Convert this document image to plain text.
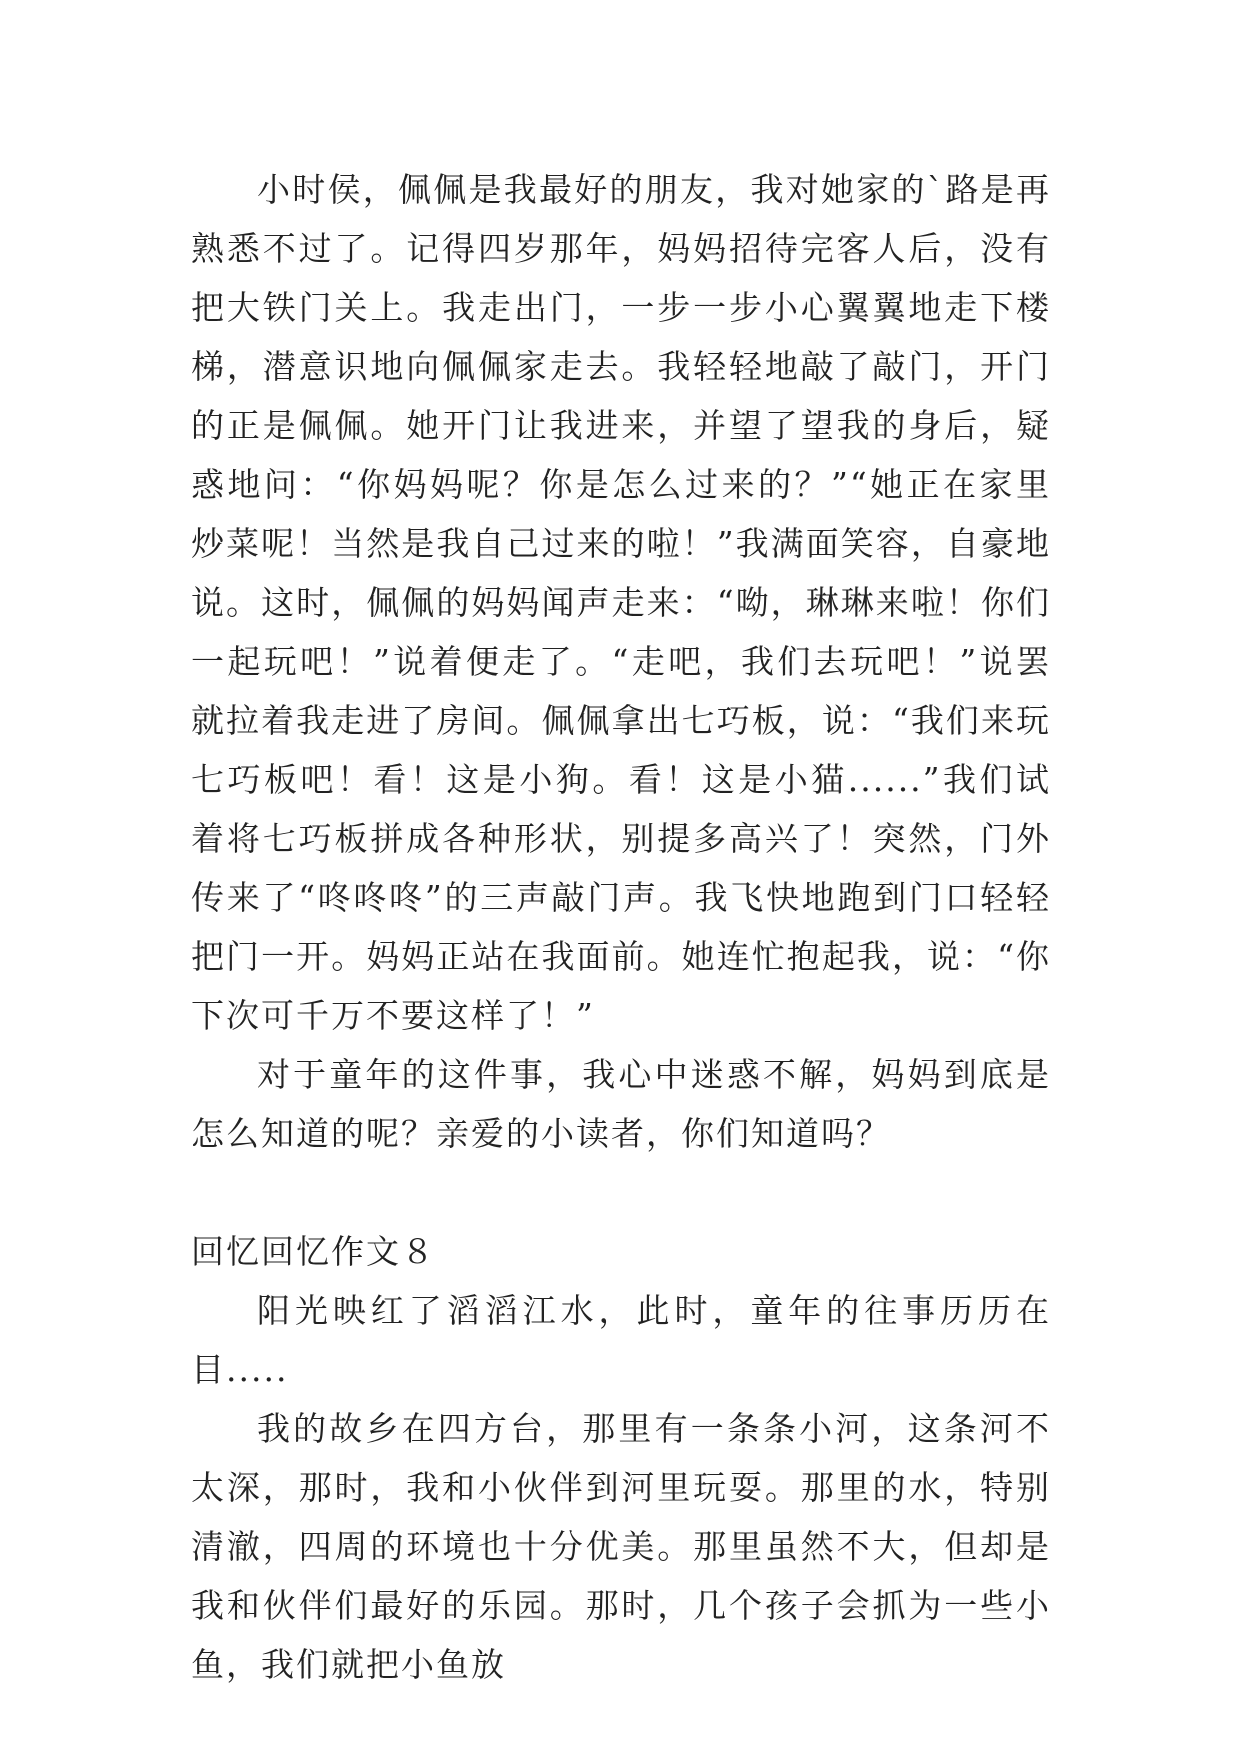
小时侯，佩佩是我最好的朋友，我对她家的`路是再熟悉不过了。记得四岁那年，妈妈招待完客人后，没有把大铁门关上。我走出门，一步一步小心翼翼地走下楼梯，潜意识地向佩佩家走去。我轻轻地敲了敲门，开门的正是佩佩。她开门让我进来，并望了望我的身后，疑惑地问：“你妈妈呢？你是怎么过来的？”“她正在家里炒菜呢！当然是我自己过来的啦！”我满面笑容，自豪地说。这时，佩佩的妈妈闻声走来：“呦，琳琳来啦！你们一起玩吧！”说着便走了。“走吧，我们去玩吧！”说罢就拉着我走进了房间。佩佩拿出七巧板，说：“我们来玩七巧板吧！看！这是小狗。看！这是小猫......”我们试着将七巧板拼成各种形状，别提多高兴了！突然，门外传来了“咚咚咚”的三声敲门声。我飞快地跑到门口轻轻把门一开。妈妈正站在我面前。她连忙抱起我，说：“你下次可千万不要这样了！”

对于童年的这件事，我心中迷惑不解，妈妈到底是怎么知道的呢？亲爱的小读者，你们知道吗？

回忆回忆作文８

阳光映红了滔滔江水，此时，童年的往事历历在目.....

我的故乡在四方台，那里有一条条小河，这条河不太深，那时，我和小伙伴到河里玩耍。那里的水，特别清澈，四周的环境也十分优美。那里虽然不大，但却是我和伙伴们最好的乐园。那时，几个孩子会抓为一些小鱼，我们就把小鱼放
